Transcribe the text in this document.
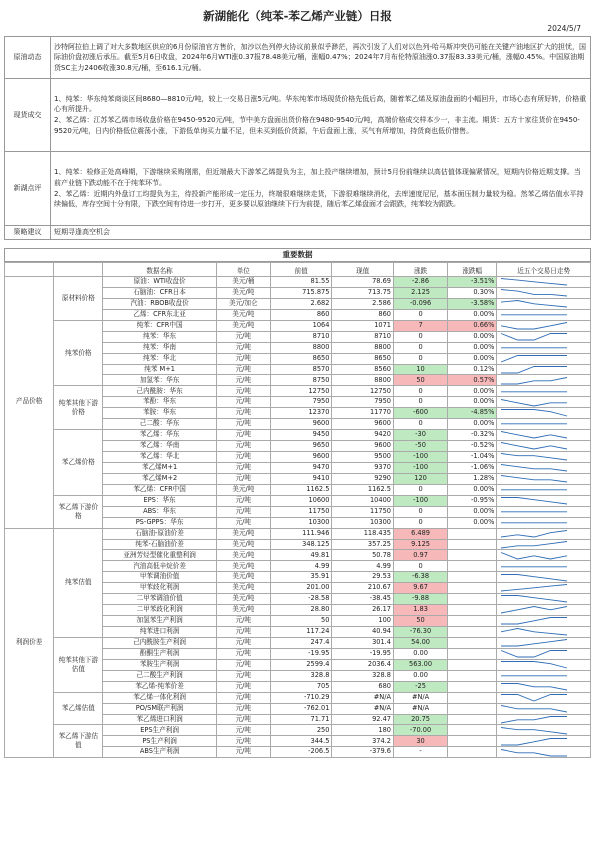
新湖能化（纯苯-苯乙烯产业链）日报
2024/5/7
原油动态	沙特阿拉伯上调了对大多数地区供应的6月份原油官方售价，加沙以色列停火协议前景似乎渺茫，再次引发了人们对以色列-哈马斯冲突仍可能在关键产油地区扩大的担忧，国际油价盘初涨后承压。截至5月6日收盘，2024年6月WTI涨0.37报78.48美元/桶，涨幅0.47%；2024年7月布伦特原油涨0.37报83.33美元/桶，涨幅0.45%。中国原油期货SC主力2406收涨30.8元/桶，至616.1元/桶。
现货成交	1、纯苯：华东纯苯商谈区间8680—8810元/吨，较上一交易日涨5元/吨。华东纯苯市场现货价格先低后高，随着苯乙烯及原油盘面的小幅回升，市场心态有所好转，价格重心有所提升。
2、苯乙烯：江苏苯乙烯市场收盘价格在9450-9520元/吨，节中美方盘面出货价格在9480-9540元/吨，高端价格成交样本少一，非主流。期货：五方十家往货价在9450-9520元/吨，日内价格低位震荡小涨，下游低单询买力量不足，但未买到低价货源，午后盘面上涨，买气有所增加，持货商也低价惜售。
新湖点评	1、纯苯：检修正处高峰期，下游继续采购刚需，但近端最大下游苯乙烯提负为主，加上投产继续增加，预计5月份前继续以高估值体现偏紧情况，短期内价格近期支撑。当前产业链下跌动能不在于纯苯环节。
2、苯乙烯：近期内外盘订工均提负为主，待投新产能形成一定压力，终端很难继续走货，下游很难继续消化，去库速度尼尼，基本面压制力量较为稳。然苯乙烯估值水平持续偏低，库存空间十分有限，下跌空间有待进一步打开，更多要以原油继续下行为前提，随后苯乙烯盘面才会跟跌，纯苯较为跟跌。
策略建议	短期寻逢高空机会
重要数据
		数据名称	单位	前值	现值	涨跌	涨跌幅	近五个交易日走势
产品价格	原材料价格	原油：WTI收盘价	美元/桶	81.55	78.69	-2.86	-3.51%	

		石脑油：CFR日本	美元/吨	715.875	713.75	2.125	0.30%	

		汽油：RBOB收盘价	美元/加仑	2.682	2.586	-0.096	-3.58%	

		乙烯：CFR东北亚	美元/吨	860	860	0	0.00%	

	纯苯价格	纯苯：CFR中国	美元/吨	1064	1071	7	0.66%	

		纯苯：华东	元/吨	8710	8710	0	0.00%	

		纯苯：华南	元/吨	8800	8800	0	0.00%	

		纯苯：华北	元/吨	8650	8650	0	0.00%	

		纯苯 M+1	元/吨	8570	8560	10	0.12%	

		加氢苯：华东	元/吨	8750	8800	50	0.57%	

	纯苯其他下游价格	己内酰胺：华东	元/吨	12750	12750	0	0.00%	

		苯酚：华东	元/吨	7950	7950	0	0.00%	

		苯胺：华东	元/吨	12370	11770	-600	-4.85%	

		己二酸：华东	元/吨	9600	9600	0	0.00%	

	苯乙烯价格	苯乙烯：华东	元/吨	9450	9420	-30	-0.32%	

		苯乙烯：华南	元/吨	9650	9600	-50	-0.52%	

		苯乙烯：华北	元/吨	9600	9500	-100	-1.04%	

		苯乙烯M+1	元/吨	9470	9370	-100	-1.06%	

		苯乙烯M+2	元/吨	9410	9290	120	1.28%	

		苯乙烯：CFR中国	美元/吨	1162.5	1162.5	0	0.00%	

	苯乙烯下游价格	EPS：华东	元/吨	10600	10400	-100	-0.95%	

		ABS：华东	元/吨	11750	11750	0	0.00%	

		PS-GPPS：华东	元/吨	10300	10300	0	0.00%	

利润价差	纯苯估值	石脑油-原油价差	美元/吨	111.946	118.435	6.489		

		纯苯-石脑油价差	美元/吨	348.125	357.25	9.125		

		亚洲芳烃型催化重整利润	美元/吨	49.81	50.78	0.97		

		汽油高低辛烷价差	美元/吨	4.99	4.99	0		

		甲苯调油价值	美元/吨	35.91	29.53	-6.38		

		甲苯歧化利润	美元/吨	201.00	210.67	9.67		

		二甲苯调油价值	美元/吨	-28.58	-38.45	-9.88		

		二甲苯歧化利润	美元/吨	28.80	26.17	1.83		

		加氢苯生产利润	元/吨	50	100	50		

		纯苯进口利润	元/吨	117.24	40.94	-76.30		

	纯苯其他下游估值	己内酰胺生产利润	元/吨	247.4	301.4	54.00		

		酚酮生产利润	元/吨	-19.95	-19.95	0.00		

		苯胺生产利润	元/吨	2599.4	2036.4	563.00		

		己二酸生产利润	元/吨	328.8	328.8	0.00		

		苯乙烯-纯苯价差	元/吨	705	680	-25		

	苯乙烯估值	苯乙烯一体化利润	元/吨	-710.29	#N/A	#N/A		

		PO/SM联产利润	元/吨	-762.01	#N/A	#N/A		

		苯乙烯进口利润	元/吨	71.71	92.47	20.75		

	苯乙烯下游估值	EPS生产利润	元/吨	250	180	-70.00		

		PS生产利润	元/吨	344.5	374.2	30		

		ABS生产利润	元/吨	-206.5	-379.6	-		
